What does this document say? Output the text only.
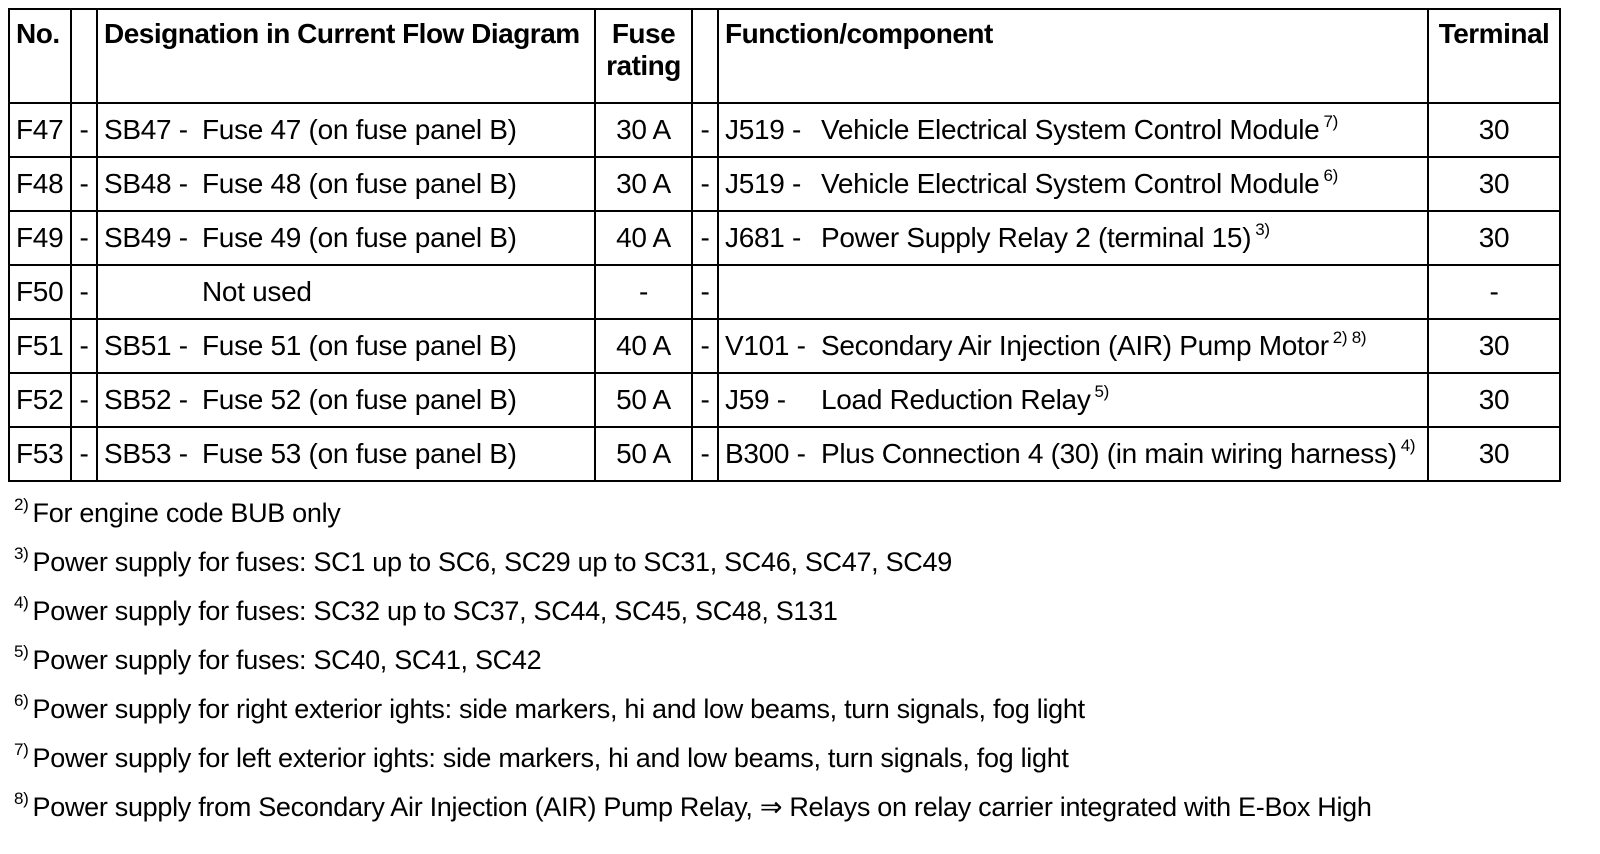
No.		Designation in Current Flow Diagram	Fuse rating		Function/component	Terminal
F47	-	SB47 - Fuse 47 (on fuse panel B)	30 A	-	J519 - Vehicle Electrical System Control Module $^{7)}$	30
F48	-	SB48 - Fuse 48 (on fuse panel B)	30 A	-	J519 - Vehicle Electrical System Control Module $^{6)}$	30
F49	-	SB49 - Fuse 49 (on fuse panel B)	40 A	-	J681 - Power Supply Relay 2 (terminal 15) $^{3)}$	30
F50	-	Not used	-	-		-
F51	-	SB51 - Fuse 51 (on fuse panel B)	40 A	-	V101 - Secondary Air Injection (AIR) Pump Motor $^{2) 8)}$	30
F52	-	SB52 - Fuse 52 (on fuse panel B)	50 A	-	J59 - Load Reduction Relay $^{5)}$	30
F53	-	SB53 - Fuse 53 (on fuse panel B)	50 A	-	B300 - Plus Connection 4 (30) (in main wiring harness) $^{4)}$	30
$^{2)}$ For engine code BUB only
$^{3)}$ Power supply for fuses: SC1 up to SC6, SC29 up to SC31, SC46, SC47, SC49
$^{4)}$ Power supply for fuses: SC32 up to SC37, SC44, SC45, SC48, S131
$^{5)}$ Power supply for fuses: SC40, SC41, SC42
$^{6)}$ Power supply for right exterior ights: side markers, hi and low beams, turn signals, fog light
$^{7)}$ Power supply for left exterior ights: side markers, hi and low beams, turn signals, fog light
$^{8)}$ Power supply from Secondary Air Injection (AIR) Pump Relay, ⇒ Relays on relay carrier integrated with E-Box High
